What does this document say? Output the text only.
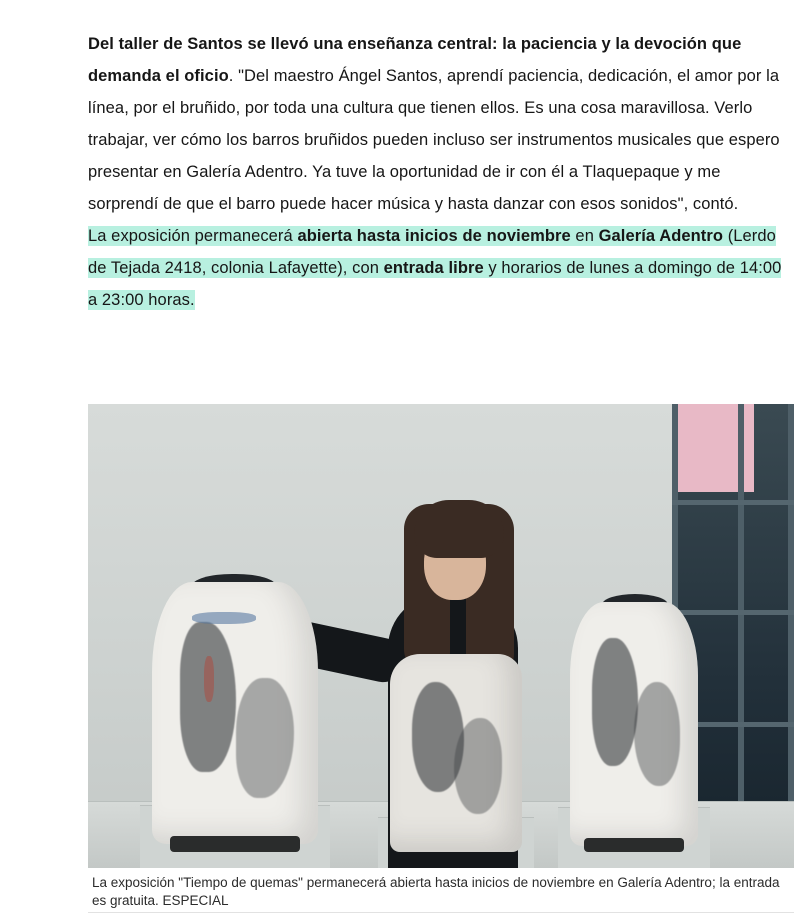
Del taller de Santos se llevó una enseñanza central: la paciencia y la devoción que demanda el oficio. "Del maestro Ángel Santos, aprendí paciencia, dedicación, el amor por la línea, por el bruñido, por toda una cultura que tienen ellos. Es una cosa maravillosa. Verlo trabajar, ver cómo los barros bruñidos pueden incluso ser instrumentos musicales que espero presentar en Galería Adentro. Ya tuve la oportunidad de ir con él a Tlaquepaque y me sorprendí de que el barro puede hacer música y hasta danzar con esos sonidos", contó.

La exposición permanecerá abierta hasta inicios de noviembre en Galería Adentro (Lerdo de Tejada 2418, colonia Lafayette), con entrada libre y horarios de lunes a domingo de 14:00 a 23:00 horas.

La exposición "Tiempo de quemas" permanecerá abierta hasta inicios de noviembre en Galería Adentro; la entrada es gratuita. ESPECIAL
